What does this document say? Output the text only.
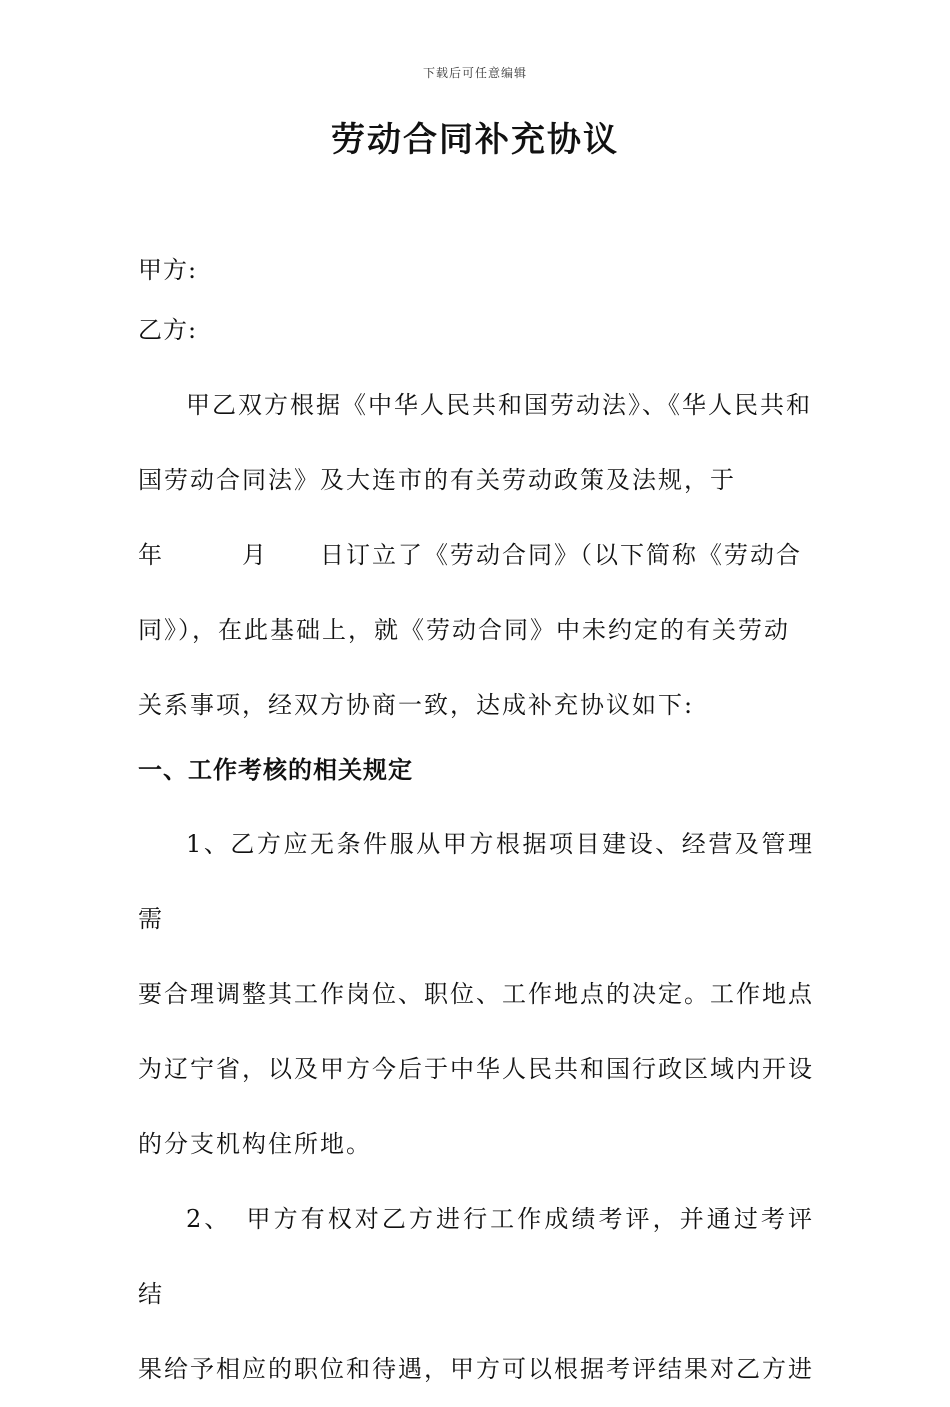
下载后可任意编辑
劳动合同补充协议
甲方:
乙方:
甲乙双方根据《中华人民共和国劳动法》、《华人民共和
国劳动合同法》及大连市的有关劳动政策及法规，于
年　　　月　　日订立了《劳动合同》（以下简称《劳动合
同》），在此基础上，就《劳动合同》中未约定的有关劳动
关系事项，经双方协商一致，达成补充协议如下:
一、工作考核的相关规定
1、乙方应无条件服从甲方根据项目建设、经营及管理需
要合理调整其工作岗位、职位、工作地点的决定。工作地点
为辽宁省，以及甲方今后于中华人民共和国行政区域内开设
的分支机构住所地。
2、　甲方有权对乙方进行工作成绩考评，并通过考评结
果给予相应的职位和待遇，甲方可以根据考评结果对乙方进
